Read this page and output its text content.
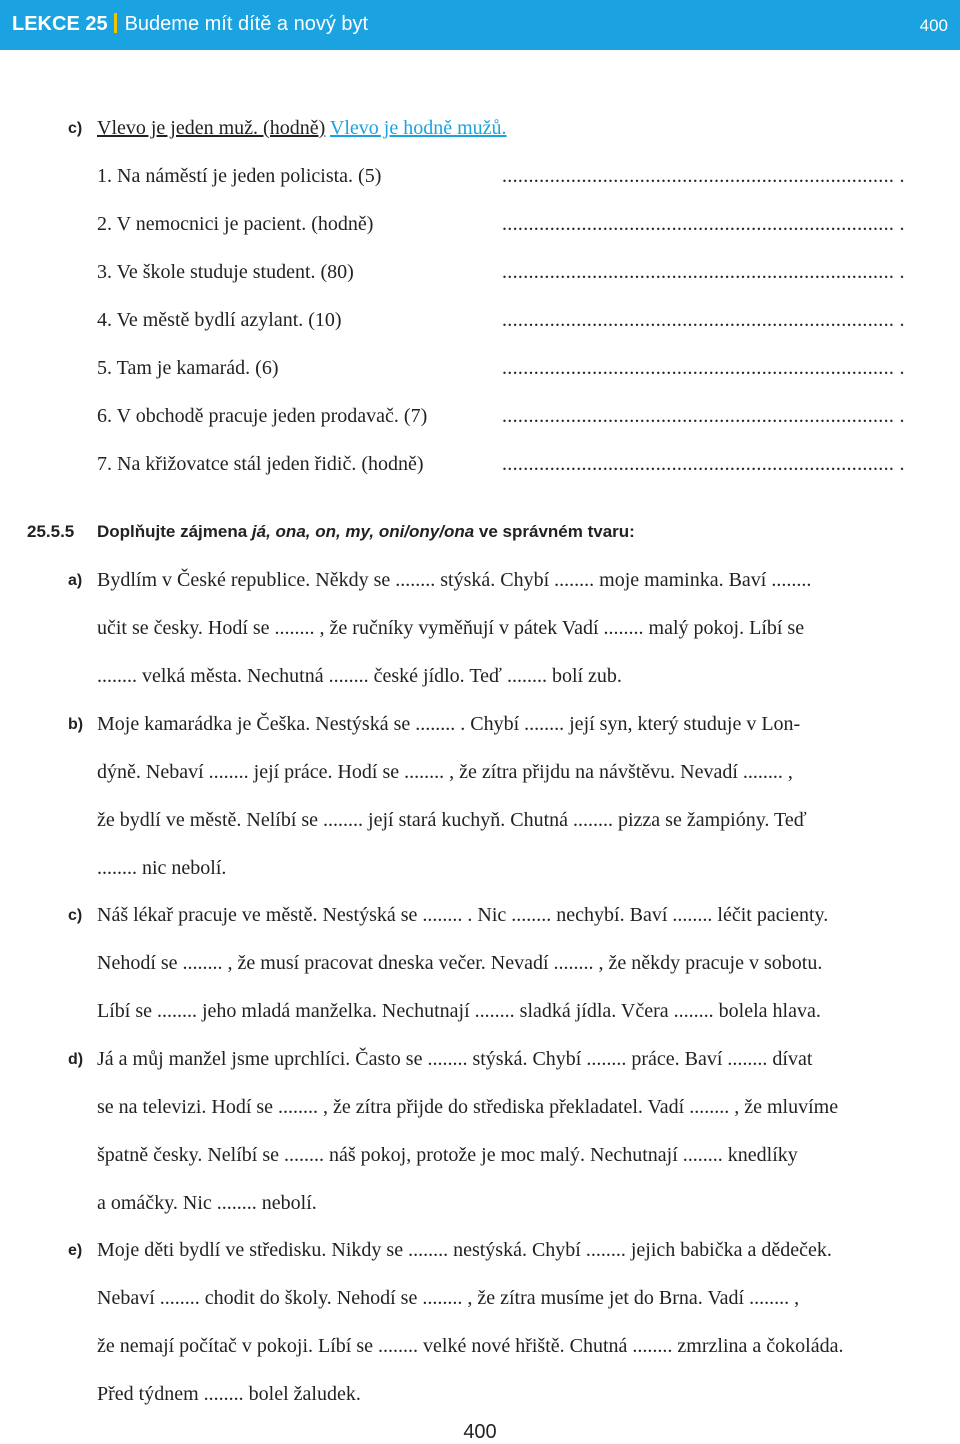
LEKCE 25 Budeme mít dítě a nový byt	400
c) Vlevo je jeden muž. (hodně) Vlevo je hodně mužů.
1. Na náměstí je jeden policista. (5)	.......................................................................... .
2. V nemocnici je pacient. (hodně)	.......................................................................... .
3. Ve škole studuje student. (80)	.......................................................................... .
4. Ve městě bydlí azylant. (10)	.......................................................................... .
5. Tam je kamarád. (6)	.......................................................................... .
6. V obchodě pracuje jeden prodavač. (7)	.......................................................................... .
7. Na křižovatce stál jeden řidič. (hodně)	.......................................................................... .
25.5.5 Doplňujte zájmena já, ona, on, my, oni/ony/ona ve správném tvaru:
a) Bydlím v České republice. Někdy se ........ stýská. Chybí ........ moje maminka. Baví ........
učit se česky. Hodí se ........ , že ručníky vyměňují v pátek Vadí ........ malý pokoj. Líbí se
........ velká města. Nechutná ........ české jídlo. Teď ........ bolí zub.
b) Moje kamarádka je Češka. Nestýská se ........ . Chybí ........ její syn, který studuje v Lon-
dýně. Nebaví ........ její práce. Hodí se ........ , že zítra přijdu na návštěvu. Nevadí ........ ,
že bydlí ve městě. Nelíbí se ........ její stará kuchyň. Chutná ........ pizza se žampióny. Teď
........ nic nebolí.
c) Náš lékař pracuje ve městě. Nestýská se ........ . Nic ........ nechybí. Baví ........ léčit pacienty.
Nehodí se ........ , že musí pracovat dneska večer. Nevadí ........ , že někdy pracuje v sobotu.
Líbí se ........ jeho mladá manželka. Nechutnají ........ sladká jídla. Včera ........ bolela hlava.
d) Já a můj manžel jsme uprchlíci. Často se ........ stýská. Chybí ........ práce. Baví ........ dívat
se na televizi. Hodí se ........ , že zítra přijde do střediska překladatel. Vadí ........ , že mluvíme
špatně česky. Nelíbí se ........ náš pokoj, protože je moc malý. Nechutnají ........ knedlíky
a omáčky. Nic ........ nebolí.
e) Moje děti bydlí ve středisku. Nikdy se ........ nestýská. Chybí ........ jejich babička a dědeček.
Nebaví ........ chodit do školy. Nehodí se ........ , že zítra musíme jet do Brna. Vadí ........ ,
že nemají počítač v pokoji. Líbí se ........ velké nové hřiště. Chutná ........ zmrzlina a čokoláda.
Před týdnem ........ bolel žaludek.
400
